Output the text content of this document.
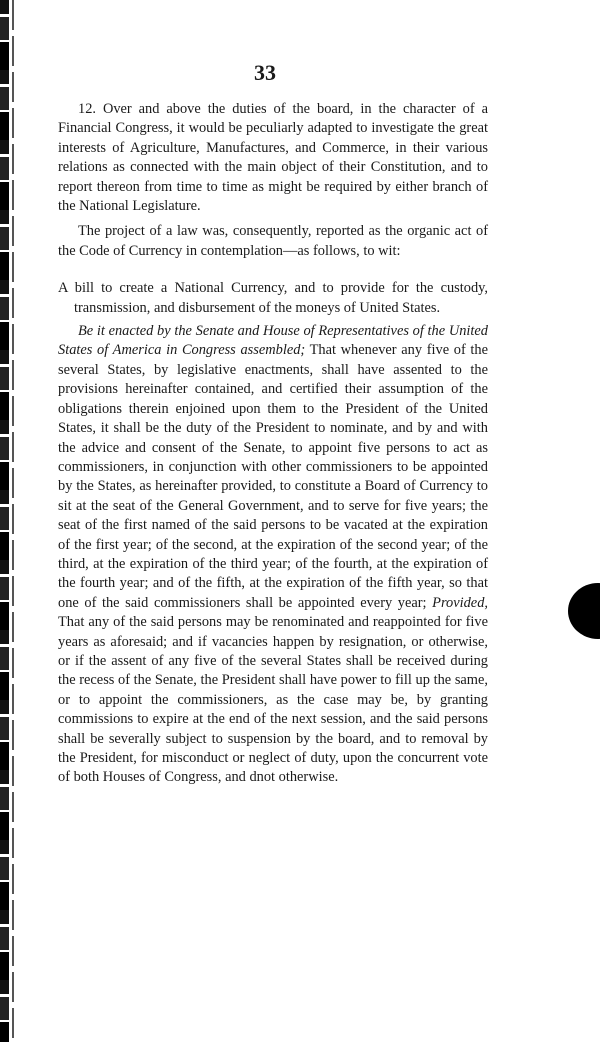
33

12. Over and above the duties of the board, in the character of a Financial Congress, it would be peculiarly adapted to investigate the great interests of Agriculture, Manufactures, and Commerce, in their various relations as connected with the main object of their Constitution, and to report thereon from time to time as might be required by either branch of the National Legislature.

The project of a law was, consequently, reported as the organic act of the Code of Currency in contemplation—as follows, to wit:

A bill to create a National Currency, and to provide for the custody, transmission, and disbursement of the moneys of United States.

Be it enacted by the Senate and House of Representatives of the United States of America in Congress assembled; That whenever any five of the several States, by legislative enactments, shall have assented to the provisions hereinafter contained, and certified their assumption of the obligations therein enjoined upon them to the President of the United States, it shall be the duty of the President to nominate, and by and with the advice and consent of the Senate, to appoint five persons to act as commissioners, in conjunction with other commissioners to be appointed by the States, as hereinafter provided, to constitute a Board of Currency to sit at the seat of the General Government, and to serve for five years; the seat of the first named of the said persons to be vacated at the expiration of the first year; of the second, at the expiration of the second year; of the third, at the expiration of the third year; of the fourth, at the expiration of the fourth year; and of the fifth, at the expiration of the fifth year, so that one of the said commissioners shall be appointed every year; Provided, That any of the said persons may be renominated and reappointed for five years as aforesaid; and if vacancies happen by resignation, or otherwise, or if the assent of any five of the several States shall be received during the recess of the Senate, the President shall have power to fill up the same, or to appoint the commissioners, as the case may be, by granting commissions to expire at the end of the next session, and the said persons shall be severally subject to suspension by the board, and to removal by the President, for misconduct or neglect of duty, upon the concurrent vote of both Houses of Congress, and dnot otherwise.
